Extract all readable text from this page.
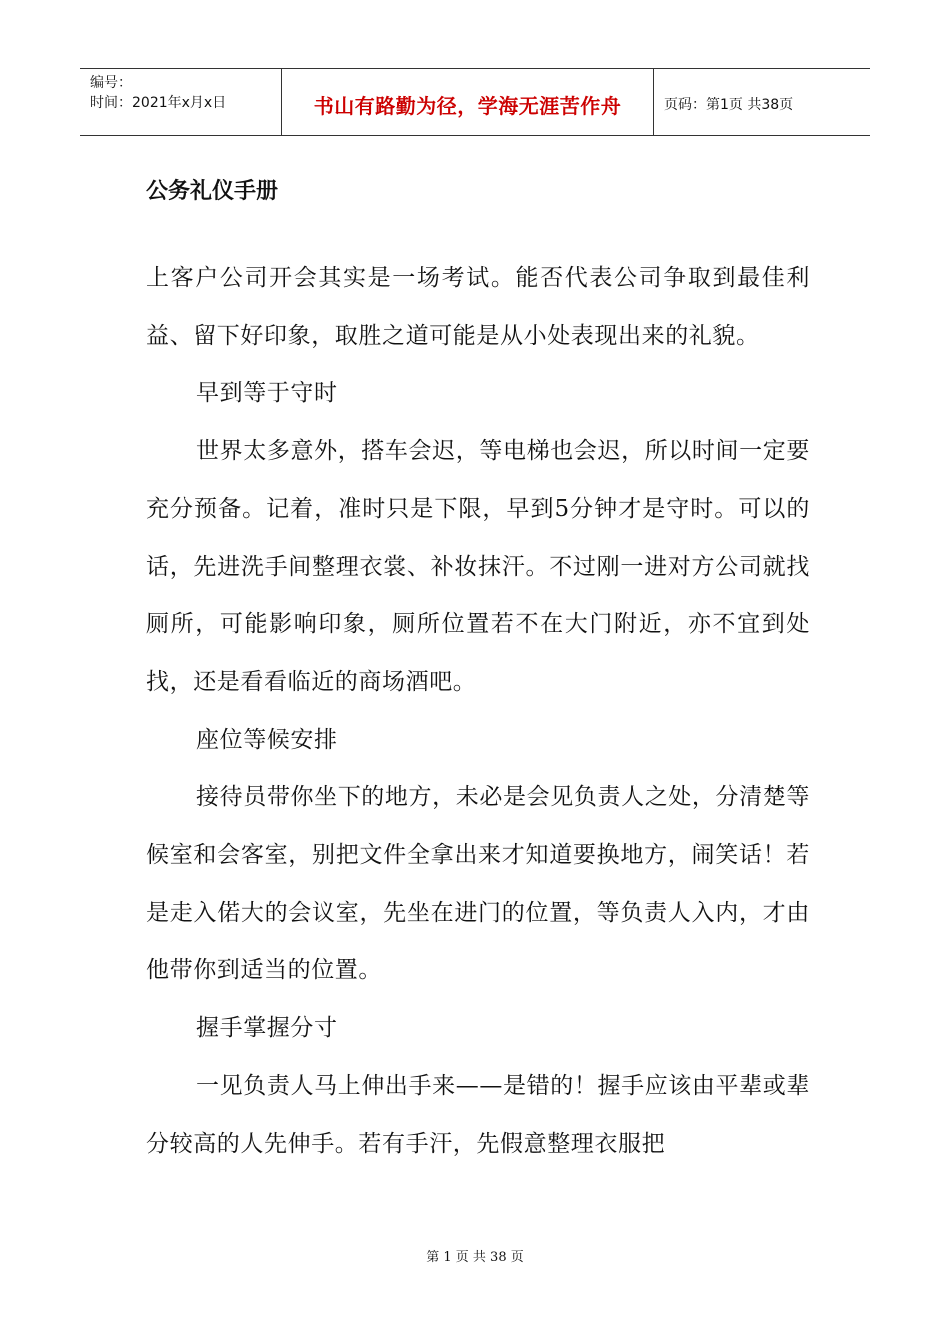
编号：
时间：2021年x月x日	书山有路勤为径，学海无涯苦作舟	页码：第1页 共38页
公务礼仪手册

上客户公司开会其实是一场考试。能否代表公司争取到最佳利益、留下好印象，取胜之道可能是从小处表现出来的礼貌。

早到等于守时

世界太多意外，搭车会迟，等电梯也会迟，所以时间一定要充分预备。记着，准时只是下限，早到5分钟才是守时。可以的话，先进洗手间整理衣裳、补妆抹汗。不过刚一进对方公司就找厕所，可能影响印象，厕所位置若不在大门附近，亦不宜到处找，还是看看临近的商场酒吧。

座位等候安排

接待员带你坐下的地方，未必是会见负责人之处，分清楚等候室和会客室，别把文件全拿出来才知道要换地方，闹笑话！若是走入偌大的会议室，先坐在进门的位置，等负责人入内，才由他带你到适当的位置。

握手掌握分寸

一见负责人马上伸出手来——是错的！握手应该由平辈或辈分较高的人先伸手。若有手汗，先假意整理衣服把

第 1 页 共 38 页
